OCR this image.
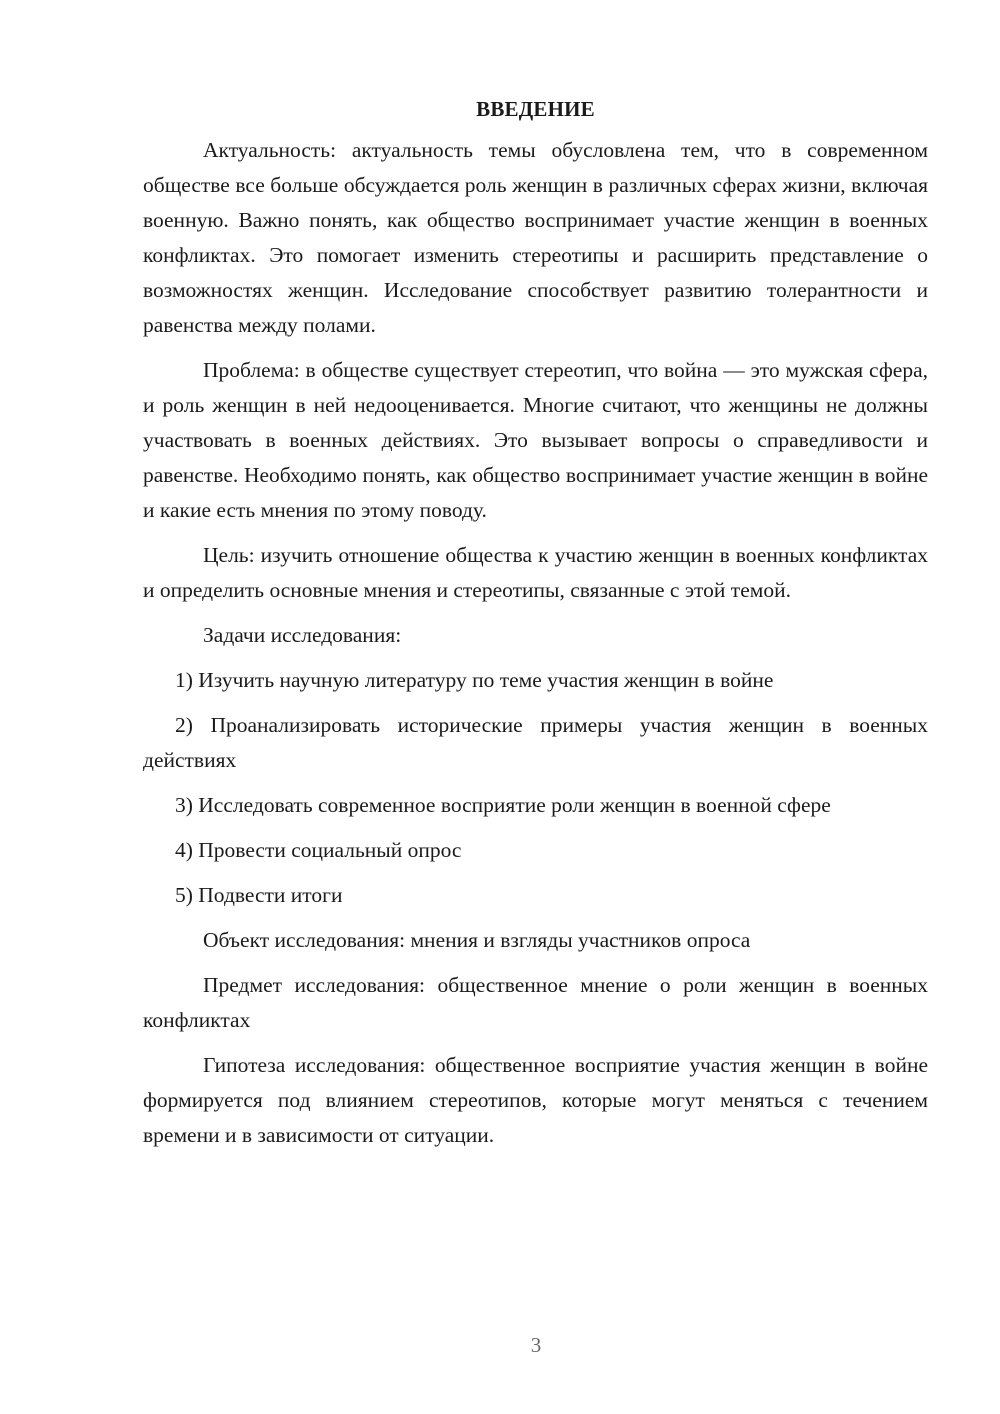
ВВЕДЕНИЕ

Актуальность: актуальность темы обусловлена тем, что в современном обществе все больше обсуждается роль женщин в различных сферах жизни, включая военную. Важно понять, как общество воспринимает участие женщин в военных конфликтах. Это помогает изменить стереотипы и расширить представление о возможностях женщин. Исследование способствует развитию толерантности и равенства между полами.

Проблема: в обществе существует стереотип, что война — это мужская сфера, и роль женщин в ней недооценивается. Многие считают, что женщины не должны участвовать в военных действиях. Это вызывает вопросы о справедливости и равенстве. Необходимо понять, как общество воспринимает участие женщин в войне и какие есть мнения по этому поводу.

Цель: изучить отношение общества к участию женщин в военных конфликтах и определить основные мнения и стереотипы, связанные с этой темой.

Задачи исследования:

1) Изучить научную литературу по теме участия женщин в войне

2) Проанализировать исторические примеры участия женщин в военных действиях

3) Исследовать современное восприятие роли женщин в военной сфере

4) Провести социальный опрос

5) Подвести итоги

Объект исследования: мнения и взгляды участников опроса

Предмет исследования: общественное мнение о роли женщин в военных конфликтах

Гипотеза исследования: общественное восприятие участия женщин в войне формируется под влиянием стереотипов, которые могут меняться с течением времени и в зависимости от ситуации.

3
